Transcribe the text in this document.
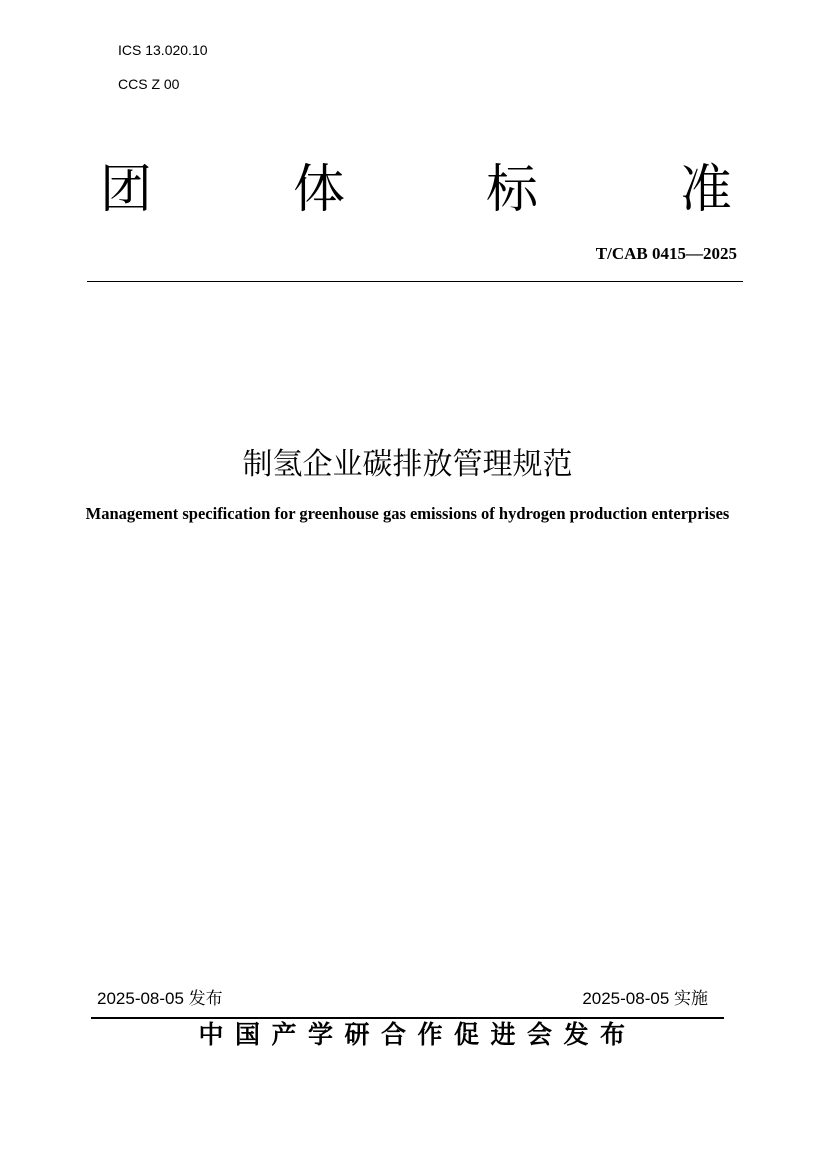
ICS 13.020.10
CCS Z 00
团	体	标	准
T/CAB 0415—2025
制氢企业碳排放管理规范
Management specification for greenhouse gas emissions of hydrogen production enterprises
2025-08-05 发布	2025-08-05 实施
中国产学研合作促进会发布
